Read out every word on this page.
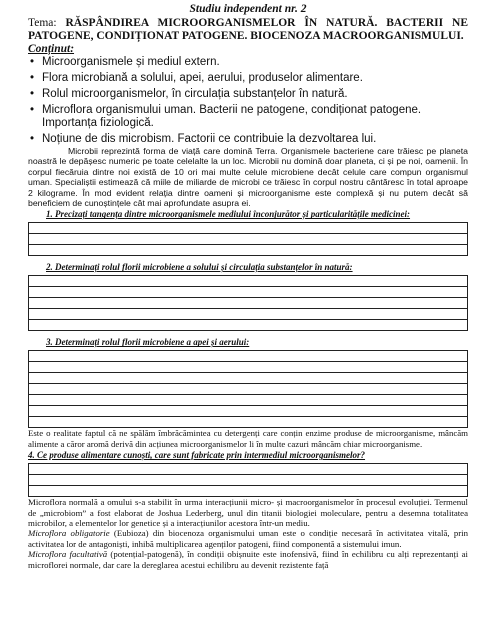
Studiu independent nr. 2
Tema: RĂSPÂNDIREA MICROORGANISMELOR ÎN NATURĂ. BACTERII NE PATOGENE, CONDIȚIONAT PATOGENE. BIOCENOZA MACROORGANISMULUI.
Conținut:
• Microorganismele și mediul extern.
• Flora microbiană a solului, apei, aerului, produselor alimentare.
• Rolul microorganismelor, în circulația substanțelor în natură.
• Microflora organismului uman. Bacterii ne patogene, condiționat patogene. Importanța fiziologică.
• Noțiune de dis microbism. Factorii ce contribuie la dezvoltarea lui.
Microbii reprezintă forma de viață care domină Terra. Organismele bacteriene care trăiesc pe planeta noastră le depășesc numeric pe toate celelalte la un loc. Microbii nu domină doar planeta, ci și pe noi, oamenii. În corpul fiecăruia dintre noi există de 10 ori mai multe celule microbiene decât celule care compun organismul uman. Specialiștii estimează că miile de miliarde de microbi ce trăiesc în corpul nostru cântăresc în total aproape 2 kilograme. În mod evident relația dintre oameni și microorganisme este complexă și nu putem decât să beneficiem de cunoștințele cât mai aprofundate asupra ei.
1. Precizați tangența dintre microorganismele mediului înconjurător și particularitățile medicinei:
2. Determinați rolul florii microbiene a solului și circulația substanțelor în natură:
3. Determinați rolul florii microbiene a apei și aerului:
Este o realitate faptul că ne spălăm îmbrăcămintea cu detergenți care conțin enzime produse de microorganisme, mâncăm alimente a căror aromă derivă din acțiunea microorganismelor li în multe cazuri mâncăm chiar microorganisme.
4. Ce produse alimentare cunoști, care sunt fabricate prin intermediul microorganismelor?
Microflora normală a omului s-a stabilit în urma interacțiunii micro- și macroorganismelor în procesul evoluției. Termenul de „microbiom” a fost elaborat de Joshua Lederberg, unul din titanii biologiei moleculare, pentru a desemna totalitatea microbilor, a elementelor lor genetice și a interacțiunilor acestora într-un mediu.
Microflora obligatorie (Eubioza) din biocenoza organismului uman este o condiție necesară în activitatea vitală, prin activitatea lor de antagoniști, inhibă multiplicarea agenților patogeni, fiind componentă a sistemului imun.
Microflora facultativă (potențial-patogenă), în condiții obișnuite este inofensivă, fiind în echilibru cu alți reprezentanți ai microflorei normale, dar care la dereglarea acestui echilibru au devenit rezistente față
